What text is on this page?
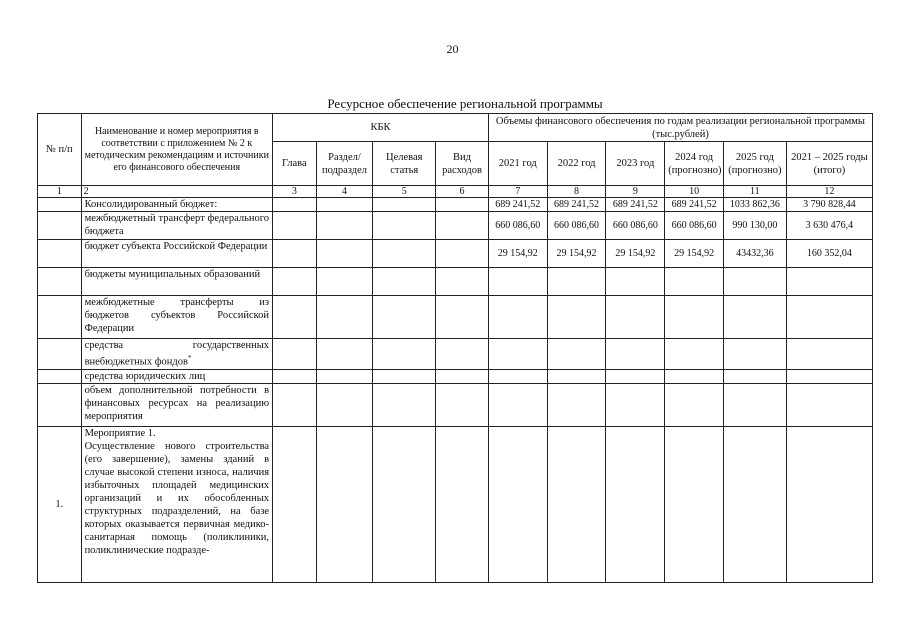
20
Ресурсное обеспечение региональной программы
№ п/п	Наименование и номер мероприятия в соответствии с приложением № 2 к методическим рекомендациям и источники его финансового обеспечения	КБК				Объемы финансового обеспечения по годам реализации региональной программы (тыс.рублей)					
		Глава	Раздел/ подраздел	Целевая статья	Вид расходов	2021 год	2022 год	2023 год	2024 год (прогнозно)	2025 год (прогнозно)	2021 – 2025 годы (итого)
1	2	3	4	5	6	7	8	9	10	11	12
	Консолидированный бюджет:					689 241,52	689 241,52	689 241,52	689 241,52	1033 862,36	3 790 828,44
	межбюджетный трансферт федерального бюджета					660 086,60	660 086,60	660 086,60	660 086,60	990 130,00	3 630 476,4
	бюджет субъекта Российской Федерации					29 154,92	29 154,92	29 154,92	29 154,92	43432,36	160 352,04
	бюджеты муниципальных образований										
	межбюджетные трансферты из бюджетов субъектов Российской Федерации										
	средства государственных внебюджетных фондов*										
	средства юридических лиц										
	объем дополнительной потребности в финансовых ресурсах на реализацию мероприятия										
1.	Мероприятие 1.
Осуществление нового строительства (его завершение), замены зданий в случае высокой степени износа, наличия избыточных площадей медицинских организаций и их обособленных структурных подразделений, на базе которых оказывается первичная медико-санитарная помощь (поликлиники, поликлинические подразде-										
